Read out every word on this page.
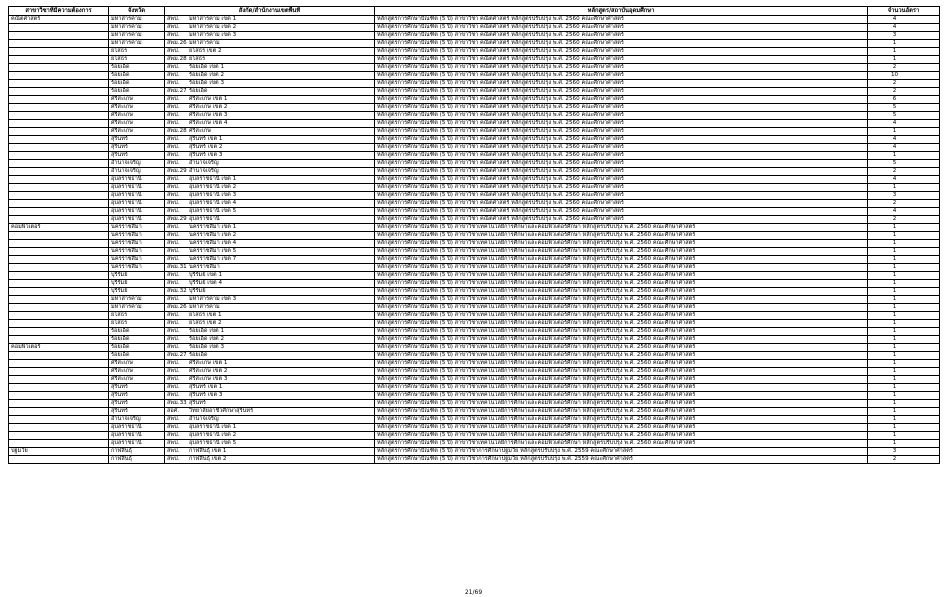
สาขาวิชาที่มีความต้องการ	จังหวัด	สังกัด/สำนักงานเขตพื้นที่	หลักสูตร/สถาบันอุดมศึกษา	จำนวนอัตรา
คณิตศาสตร์	มหาสารคาม	สพป. มหาสารคาม เขต 1	หลักสูตรการศึกษาบัณฑิต (5 ปี) สาขาวิชา คณิตศาสตร์ หลักสูตรปรับปรุง พ.ศ. 2560 คณะศึกษาศาสตร์	4
	มหาสารคาม	สพป. มหาสารคาม เขต 2	หลักสูตรการศึกษาบัณฑิต (5 ปี) สาขาวิชา คณิตศาสตร์ หลักสูตรปรับปรุง พ.ศ. 2560 คณะศึกษาศาสตร์	4
	มหาสารคาม	สพป. มหาสารคาม เขต 3	หลักสูตรการศึกษาบัณฑิต (5 ปี) สาขาวิชา คณิตศาสตร์ หลักสูตรปรับปรุง พ.ศ. 2560 คณะศึกษาศาสตร์	3
	มหาสารคาม	สพม.26 มหาสารคาม	หลักสูตรการศึกษาบัณฑิต (5 ปี) สาขาวิชา คณิตศาสตร์ หลักสูตรปรับปรุง พ.ศ. 2560 คณะศึกษาศาสตร์	1
	ยโสธร	สพป. ยโสธร เขต 2	หลักสูตรการศึกษาบัณฑิต (5 ปี) สาขาวิชา คณิตศาสตร์ หลักสูตรปรับปรุง พ.ศ. 2560 คณะศึกษาศาสตร์	1
	ยโสธร	สพม.28 ยโสธร	หลักสูตรการศึกษาบัณฑิต (5 ปี) สาขาวิชา คณิตศาสตร์ หลักสูตรปรับปรุง พ.ศ. 2560 คณะศึกษาศาสตร์	1
	ร้อยเอ็ด	สพป. ร้อยเอ็ด เขต 1	หลักสูตรการศึกษาบัณฑิต (5 ปี) สาขาวิชา คณิตศาสตร์ หลักสูตรปรับปรุง พ.ศ. 2560 คณะศึกษาศาสตร์	2
	ร้อยเอ็ด	สพป. ร้อยเอ็ด เขต 2	หลักสูตรการศึกษาบัณฑิต (5 ปี) สาขาวิชา คณิตศาสตร์ หลักสูตรปรับปรุง พ.ศ. 2560 คณะศึกษาศาสตร์	10
	ร้อยเอ็ด	สพป. ร้อยเอ็ด เขต 3	หลักสูตรการศึกษาบัณฑิต (5 ปี) สาขาวิชา คณิตศาสตร์ หลักสูตรปรับปรุง พ.ศ. 2560 คณะศึกษาศาสตร์	2
	ร้อยเอ็ด	สพม.27 ร้อยเอ็ด	หลักสูตรการศึกษาบัณฑิต (5 ปี) สาขาวิชา คณิตศาสตร์ หลักสูตรปรับปรุง พ.ศ. 2560 คณะศึกษาศาสตร์	2
	ศรีสะเกษ	สพป. ศรีสะเกษ เขต 1	หลักสูตรการศึกษาบัณฑิต (5 ปี) สาขาวิชา คณิตศาสตร์ หลักสูตรปรับปรุง พ.ศ. 2560 คณะศึกษาศาสตร์	6
	ศรีสะเกษ	สพป. ศรีสะเกษ เขต 2	หลักสูตรการศึกษาบัณฑิต (5 ปี) สาขาวิชา คณิตศาสตร์ หลักสูตรปรับปรุง พ.ศ. 2560 คณะศึกษาศาสตร์	5
	ศรีสะเกษ	สพป. ศรีสะเกษ เขต 3	หลักสูตรการศึกษาบัณฑิต (5 ปี) สาขาวิชา คณิตศาสตร์ หลักสูตรปรับปรุง พ.ศ. 2560 คณะศึกษาศาสตร์	5
	ศรีสะเกษ	สพป. ศรีสะเกษ เขต 4	หลักสูตรการศึกษาบัณฑิต (5 ปี) สาขาวิชา คณิตศาสตร์ หลักสูตรปรับปรุง พ.ศ. 2560 คณะศึกษาศาสตร์	4
	ศรีสะเกษ	สพม.28 ศรีสะเกษ	หลักสูตรการศึกษาบัณฑิต (5 ปี) สาขาวิชา คณิตศาสตร์ หลักสูตรปรับปรุง พ.ศ. 2560 คณะศึกษาศาสตร์	1
	สุรินทร์	สพป. สุรินทร์ เขต 1	หลักสูตรการศึกษาบัณฑิต (5 ปี) สาขาวิชา คณิตศาสตร์ หลักสูตรปรับปรุง พ.ศ. 2560 คณะศึกษาศาสตร์	4
	สุรินทร์	สพป. สุรินทร์ เขต 2	หลักสูตรการศึกษาบัณฑิต (5 ปี) สาขาวิชา คณิตศาสตร์ หลักสูตรปรับปรุง พ.ศ. 2560 คณะศึกษาศาสตร์	4
	สุรินทร์	สพป. สุรินทร์ เขต 3	หลักสูตรการศึกษาบัณฑิต (5 ปี) สาขาวิชา คณิตศาสตร์ หลักสูตรปรับปรุง พ.ศ. 2560 คณะศึกษาศาสตร์	1
	อำนาจเจริญ	สพป. อำนาจเจริญ	หลักสูตรการศึกษาบัณฑิต (5 ปี) สาขาวิชา คณิตศาสตร์ หลักสูตรปรับปรุง พ.ศ. 2560 คณะศึกษาศาสตร์	5
	อำนาจเจริญ	สพม.29 อำนาจเจริญ	หลักสูตรการศึกษาบัณฑิต (5 ปี) สาขาวิชา คณิตศาสตร์ หลักสูตรปรับปรุง พ.ศ. 2560 คณะศึกษาศาสตร์	2
	อุบลราชธานี	สพป. อุบลราชธานี เขต 1	หลักสูตรการศึกษาบัณฑิต (5 ปี) สาขาวิชา คณิตศาสตร์ หลักสูตรปรับปรุง พ.ศ. 2560 คณะศึกษาศาสตร์	4
	อุบลราชธานี	สพป. อุบลราชธานี เขต 2	หลักสูตรการศึกษาบัณฑิต (5 ปี) สาขาวิชา คณิตศาสตร์ หลักสูตรปรับปรุง พ.ศ. 2560 คณะศึกษาศาสตร์	1
	อุบลราชธานี	สพป. อุบลราชธานี เขต 3	หลักสูตรการศึกษาบัณฑิต (5 ปี) สาขาวิชา คณิตศาสตร์ หลักสูตรปรับปรุง พ.ศ. 2560 คณะศึกษาศาสตร์	3
	อุบลราชธานี	สพป. อุบลราชธานี เขต 4	หลักสูตรการศึกษาบัณฑิต (5 ปี) สาขาวิชา คณิตศาสตร์ หลักสูตรปรับปรุง พ.ศ. 2560 คณะศึกษาศาสตร์	2
	อุบลราชธานี	สพป. อุบลราชธานี เขต 5	หลักสูตรการศึกษาบัณฑิต (5 ปี) สาขาวิชา คณิตศาสตร์ หลักสูตรปรับปรุง พ.ศ. 2560 คณะศึกษาศาสตร์	4
	อุบลราชธานี	สพม.29 อุบลราชธานี	หลักสูตรการศึกษาบัณฑิต (5 ปี) สาขาวิชา คณิตศาสตร์ หลักสูตรปรับปรุง พ.ศ. 2560 คณะศึกษาศาสตร์	2
คอมพิวเตอร์	นครราชสีมา	สพป. นครราชสีมา เขต 1	หลักสูตรการศึกษาบัณฑิต (5 ปี) สาขาวิชาเทคโนโลยีการศึกษาและคอมพิวเตอร์ศึกษา หลักสูตรปรับปรุง พ.ศ. 2560 คณะศึกษาศาสตร์	1
	นครราชสีมา	สพป. นครราชสีมา เขต 2	หลักสูตรการศึกษาบัณฑิต (5 ปี) สาขาวิชาเทคโนโลยีการศึกษาและคอมพิวเตอร์ศึกษา หลักสูตรปรับปรุง พ.ศ. 2560 คณะศึกษาศาสตร์	1
	นครราชสีมา	สพป. นครราชสีมา เขต 4	หลักสูตรการศึกษาบัณฑิต (5 ปี) สาขาวิชาเทคโนโลยีการศึกษาและคอมพิวเตอร์ศึกษา หลักสูตรปรับปรุง พ.ศ. 2560 คณะศึกษาศาสตร์	1
	นครราชสีมา	สพป. นครราชสีมา เขต 5	หลักสูตรการศึกษาบัณฑิต (5 ปี) สาขาวิชาเทคโนโลยีการศึกษาและคอมพิวเตอร์ศึกษา หลักสูตรปรับปรุง พ.ศ. 2560 คณะศึกษาศาสตร์	1
	นครราชสีมา	สพป. นครราชสีมา เขต 7	หลักสูตรการศึกษาบัณฑิต (5 ปี) สาขาวิชาเทคโนโลยีการศึกษาและคอมพิวเตอร์ศึกษา หลักสูตรปรับปรุง พ.ศ. 2560 คณะศึกษาศาสตร์	1
	นครราชสีมา	สพม.31 นครราชสีมา	หลักสูตรการศึกษาบัณฑิต (5 ปี) สาขาวิชาเทคโนโลยีการศึกษาและคอมพิวเตอร์ศึกษา หลักสูตรปรับปรุง พ.ศ. 2560 คณะศึกษาศาสตร์	1
	บุรีรัมย์	สพป. บุรีรัมย์ เขต 1	หลักสูตรการศึกษาบัณฑิต (5 ปี) สาขาวิชาเทคโนโลยีการศึกษาและคอมพิวเตอร์ศึกษา หลักสูตรปรับปรุง พ.ศ. 2560 คณะศึกษาศาสตร์	1
	บุรีรัมย์	สพป. บุรีรัมย์ เขต 4	หลักสูตรการศึกษาบัณฑิต (5 ปี) สาขาวิชาเทคโนโลยีการศึกษาและคอมพิวเตอร์ศึกษา หลักสูตรปรับปรุง พ.ศ. 2560 คณะศึกษาศาสตร์	1
	บุรีรัมย์	สพม.32 บุรีรัมย์	หลักสูตรการศึกษาบัณฑิต (5 ปี) สาขาวิชาเทคโนโลยีการศึกษาและคอมพิวเตอร์ศึกษา หลักสูตรปรับปรุง พ.ศ. 2560 คณะศึกษาศาสตร์	1
	มหาสารคาม	สพป. มหาสารคาม เขต 3	หลักสูตรการศึกษาบัณฑิต (5 ปี) สาขาวิชาเทคโนโลยีการศึกษาและคอมพิวเตอร์ศึกษา หลักสูตรปรับปรุง พ.ศ. 2560 คณะศึกษาศาสตร์	1
	มหาสารคาม	สพม.26 มหาสารคาม	หลักสูตรการศึกษาบัณฑิต (5 ปี) สาขาวิชาเทคโนโลยีการศึกษาและคอมพิวเตอร์ศึกษา หลักสูตรปรับปรุง พ.ศ. 2560 คณะศึกษาศาสตร์	1
	ยโสธร	สพป. ยโสธร เขต 1	หลักสูตรการศึกษาบัณฑิต (5 ปี) สาขาวิชาเทคโนโลยีการศึกษาและคอมพิวเตอร์ศึกษา หลักสูตรปรับปรุง พ.ศ. 2560 คณะศึกษาศาสตร์	1
	ยโสธร	สพป. ยโสธร เขต 2	หลักสูตรการศึกษาบัณฑิต (5 ปี) สาขาวิชาเทคโนโลยีการศึกษาและคอมพิวเตอร์ศึกษา หลักสูตรปรับปรุง พ.ศ. 2560 คณะศึกษาศาสตร์	1
	ร้อยเอ็ด	สพป. ร้อยเอ็ด เขต 1	หลักสูตรการศึกษาบัณฑิต (5 ปี) สาขาวิชาเทคโนโลยีการศึกษาและคอมพิวเตอร์ศึกษา หลักสูตรปรับปรุง พ.ศ. 2560 คณะศึกษาศาสตร์	1
	ร้อยเอ็ด	สพป. ร้อยเอ็ด เขต 2	หลักสูตรการศึกษาบัณฑิต (5 ปี) สาขาวิชาเทคโนโลยีการศึกษาและคอมพิวเตอร์ศึกษา หลักสูตรปรับปรุง พ.ศ. 2560 คณะศึกษาศาสตร์	1
คอมพิวเตอร์	ร้อยเอ็ด	สพป. ร้อยเอ็ด เขต 3	หลักสูตรการศึกษาบัณฑิต (5 ปี) สาขาวิชาเทคโนโลยีการศึกษาและคอมพิวเตอร์ศึกษา หลักสูตรปรับปรุง พ.ศ. 2560 คณะศึกษาศาสตร์	1
	ร้อยเอ็ด	สพม.27 ร้อยเอ็ด	หลักสูตรการศึกษาบัณฑิต (5 ปี) สาขาวิชาเทคโนโลยีการศึกษาและคอมพิวเตอร์ศึกษา หลักสูตรปรับปรุง พ.ศ. 2560 คณะศึกษาศาสตร์	1
	ศรีสะเกษ	สพป. ศรีสะเกษ เขต 1	หลักสูตรการศึกษาบัณฑิต (5 ปี) สาขาวิชาเทคโนโลยีการศึกษาและคอมพิวเตอร์ศึกษา หลักสูตรปรับปรุง พ.ศ. 2560 คณะศึกษาศาสตร์	1
	ศรีสะเกษ	สพป. ศรีสะเกษ เขต 2	หลักสูตรการศึกษาบัณฑิต (5 ปี) สาขาวิชาเทคโนโลยีการศึกษาและคอมพิวเตอร์ศึกษา หลักสูตรปรับปรุง พ.ศ. 2560 คณะศึกษาศาสตร์	1
	ศรีสะเกษ	สพป. ศรีสะเกษ เขต 3	หลักสูตรการศึกษาบัณฑิต (5 ปี) สาขาวิชาเทคโนโลยีการศึกษาและคอมพิวเตอร์ศึกษา หลักสูตรปรับปรุง พ.ศ. 2560 คณะศึกษาศาสตร์	1
	สุรินทร์	สพป. สุรินทร์ เขต 1	หลักสูตรการศึกษาบัณฑิต (5 ปี) สาขาวิชาเทคโนโลยีการศึกษาและคอมพิวเตอร์ศึกษา หลักสูตรปรับปรุง พ.ศ. 2560 คณะศึกษาศาสตร์	1
	สุรินทร์	สพป. สุรินทร์ เขต 3	หลักสูตรการศึกษาบัณฑิต (5 ปี) สาขาวิชาเทคโนโลยีการศึกษาและคอมพิวเตอร์ศึกษา หลักสูตรปรับปรุง พ.ศ. 2560 คณะศึกษาศาสตร์	1
	สุรินทร์	สพม.33 สุรินทร์	หลักสูตรการศึกษาบัณฑิต (5 ปี) สาขาวิชาเทคโนโลยีการศึกษาและคอมพิวเตอร์ศึกษา หลักสูตรปรับปรุง พ.ศ. 2560 คณะศึกษาศาสตร์	1
	สุรินทร์	สอศ. วิทยาลัยอาชีวศึกษาสุรินทร์	หลักสูตรการศึกษาบัณฑิต (5 ปี) สาขาวิชาเทคโนโลยีการศึกษาและคอมพิวเตอร์ศึกษา หลักสูตรปรับปรุง พ.ศ. 2560 คณะศึกษาศาสตร์	1
	อำนาจเจริญ	สพป. อำนาจเจริญ	หลักสูตรการศึกษาบัณฑิต (5 ปี) สาขาวิชาเทคโนโลยีการศึกษาและคอมพิวเตอร์ศึกษา หลักสูตรปรับปรุง พ.ศ. 2560 คณะศึกษาศาสตร์	1
	อุบลราชธานี	สพป. อุบลราชธานี เขต 1	หลักสูตรการศึกษาบัณฑิต (5 ปี) สาขาวิชาเทคโนโลยีการศึกษาและคอมพิวเตอร์ศึกษา หลักสูตรปรับปรุง พ.ศ. 2560 คณะศึกษาศาสตร์	1
	อุบลราชธานี	สพป. อุบลราชธานี เขต 2	หลักสูตรการศึกษาบัณฑิต (5 ปี) สาขาวิชาเทคโนโลยีการศึกษาและคอมพิวเตอร์ศึกษา หลักสูตรปรับปรุง พ.ศ. 2560 คณะศึกษาศาสตร์	1
	อุบลราชธานี	สพป. อุบลราชธานี เขต 5	หลักสูตรการศึกษาบัณฑิต (5 ปี) สาขาวิชาเทคโนโลยีการศึกษาและคอมพิวเตอร์ศึกษา หลักสูตรปรับปรุง พ.ศ. 2560 คณะศึกษาศาสตร์	1
ปฐมวัย	กาฬสินธุ์	สพป. กาฬสินธุ์ เขต 1	หลักสูตรการศึกษาบัณฑิต (5 ปี) สาขาวิชาการศึกษาปฐมวัย หลักสูตรปรับปรุง พ.ศ. 2559 คณะศึกษาศาสตร์	3
	กาฬสินธุ์	สพป. กาฬสินธุ์ เขต 2	หลักสูตรการศึกษาบัณฑิต (5 ปี) สาขาวิชาการศึกษาปฐมวัย หลักสูตรปรับปรุง พ.ศ. 2559 คณะศึกษาศาสตร์	2
21/69
